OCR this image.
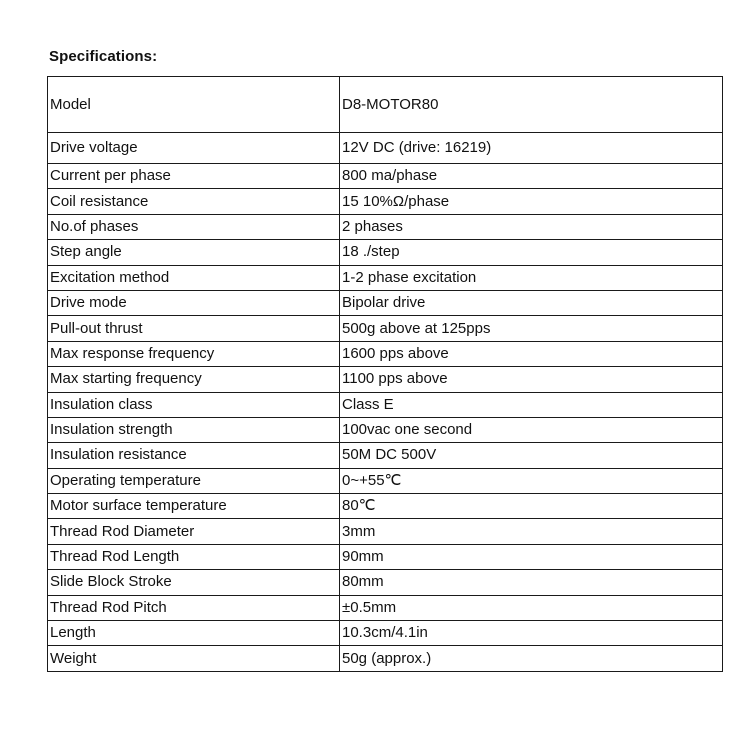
Specifications:
Model	D8-MOTOR80
Drive voltage	12V DC (drive: 16219)
Current per phase	800 ma/phase
Coil resistance	15 10%Ω/phase
No.of phases	2 phases
Step angle	18 ./step
Excitation method	1-2 phase excitation
Drive mode	Bipolar drive
Pull-out thrust	500g above at 125pps
Max response frequency	1600 pps above
Max starting frequency	1100 pps above
Insulation class	Class E
Insulation strength	100vac one second
Insulation resistance	50M DC 500V
Operating temperature	0~+55℃
Motor surface temperature	80℃
Thread Rod Diameter	3mm
Thread Rod Length	90mm
Slide Block Stroke	80mm
Thread Rod Pitch	±0.5mm
Length	10.3cm/4.1in
Weight	50g (approx.)
